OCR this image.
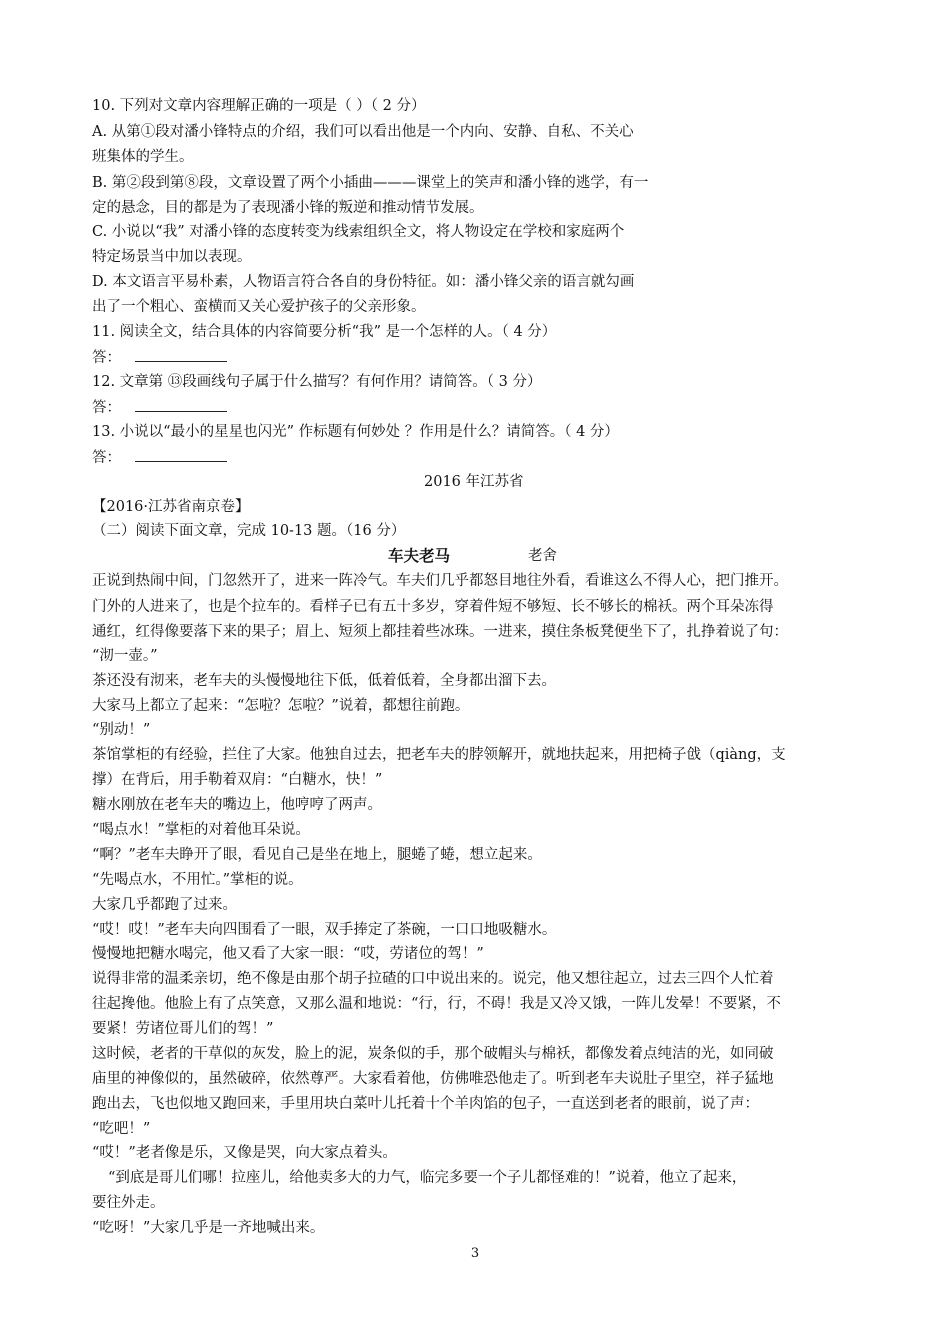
10. 下列对文章内容理解正确的一项是（ ）（ 2 分）
A. 从第①段对潘小锋特点的介绍，我们可以看出他是一个内向、安静、自私、不关心
班集体的学生。
B. 第②段到第⑧段，文章设置了两个小插曲———课堂上的笑声和潘小锋的逃学，有一
定的悬念，目的都是为了表现潘小锋的叛逆和推动情节发展。
C. 小说以“我” 对潘小锋的态度转变为线索组织全文，将人物设定在学校和家庭两个
特定场景当中加以表现。
D. 本文语言平易朴素，人物语言符合各自的身份特征。如：潘小锋父亲的语言就勾画
出了一个粗心、蛮横而又关心爱护孩子的父亲形象。
11. 阅读全文，结合具体的内容简要分析“我” 是一个怎样的人。（ 4 分）
答：
12. 文章第 ⑬段画线句子属于什么描写？有何作用？请简答。（ 3 分）
答：
13. 小说以“最小的星星也闪光” 作标题有何妙处 ？作用是什么？请简答。（ 4 分）
答：
2016 年江苏省
【2016·江苏省南京卷】
（二）阅读下面文章，完成 10-13 题。（16 分）
车夫老马	老舍
正说到热闹中间，门忽然开了，进来一阵冷气。车夫们几乎都怒目地往外看，看谁这么不得人心，把门推开。
门外的人进来了，也是个拉车的。看样子已有五十多岁，穿着件短不够短、长不够长的棉袄。两个耳朵冻得
通红，红得像要落下来的果子；眉上、短须上都挂着些冰珠。一进来，摸住条板凳便坐下了，扎挣着说了句：
“沏一壶。”
茶还没有沏来，老车夫的头慢慢地往下低，低着低着，全身都出溜下去。
大家马上都立了起来：“怎啦？怎啦？”说着，都想往前跑。
“别动！”
茶馆掌柜的有经验，拦住了大家。他独自过去，把老车夫的脖领解开，就地扶起来，用把椅子戗（qiàng，支
撑）在背后，用手勒着双肩：“白糖水，快！”
糖水刚放在老车夫的嘴边上，他哼哼了两声。
“喝点水！”掌柜的对着他耳朵说。
“啊？”老车夫睁开了眼，看见自己是坐在地上，腿蜷了蜷，想立起来。
“先喝点水，不用忙。”掌柜的说。
大家几乎都跑了过来。
“哎！哎！”老车夫向四围看了一眼，双手捧定了茶碗，一口口地吸糖水。
慢慢地把糖水喝完，他又看了大家一眼：“哎，劳诸位的驾！”
说得非常的温柔亲切，绝不像是由那个胡子拉碴的口中说出来的。说完，他又想往起立，过去三四个人忙着
往起搀他。他脸上有了点笑意，又那么温和地说：“行，行，不碍！我是又冷又饿，一阵儿发晕！不要紧，不
要紧！劳诸位哥儿们的驾！”
这时候，老者的干草似的灰发，脸上的泥，炭条似的手，那个破帽头与棉袄，都像发着点纯洁的光，如同破
庙里的神像似的，虽然破碎，依然尊严。大家看着他，仿佛唯恐他走了。听到老车夫说肚子里空，祥子猛地
跑出去，飞也似地又跑回来，手里用块白菜叶儿托着十个羊肉馅的包子，一直送到老者的眼前，说了声：
“吃吧！”
“哎！”老者像是乐，又像是哭，向大家点着头。
“到底是哥儿们哪！拉座儿，给他卖多大的力气，临完多要一个子儿都怪难的！”说着，他立了起来，
要往外走。
“吃呀！”大家几乎是一齐地喊出来。
3
